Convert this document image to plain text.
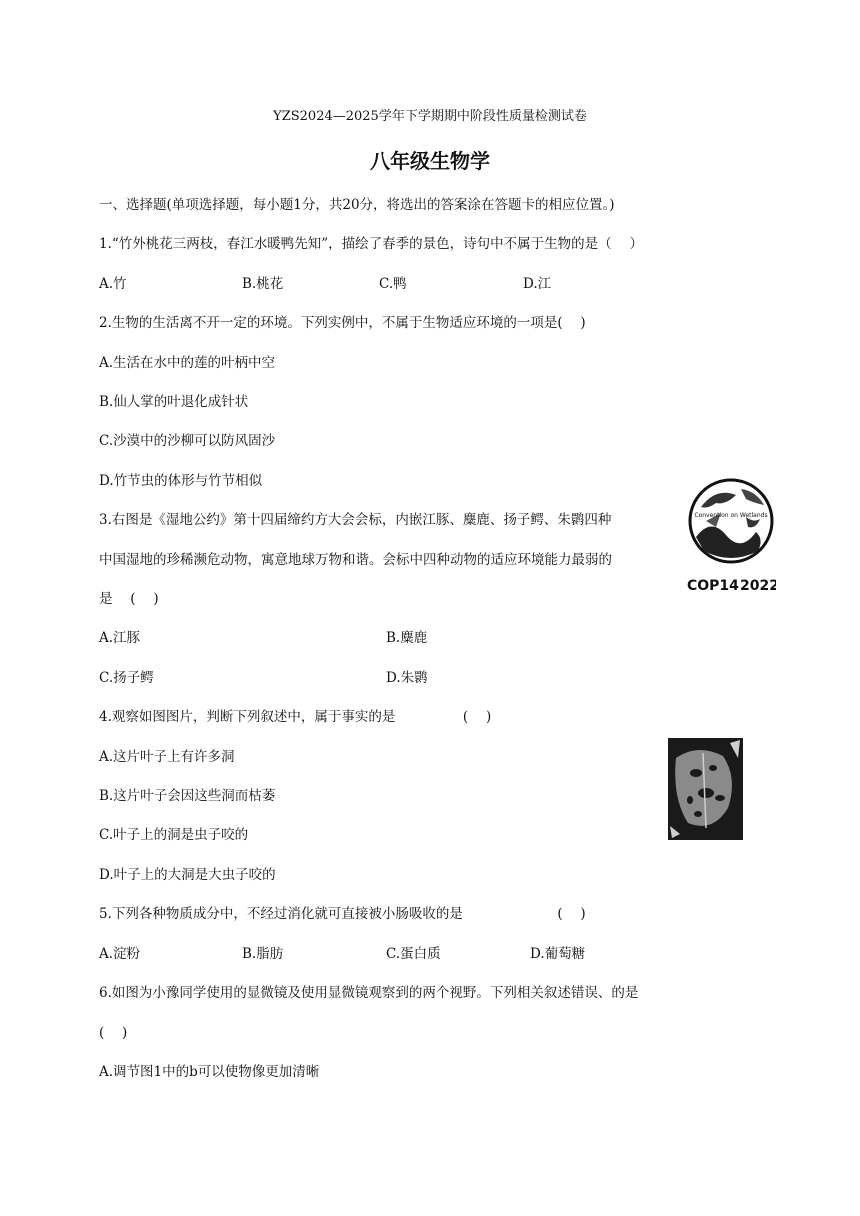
YZS2024—2025学年下学期期中阶段性质量检测试卷
八年级生物学
一、选择题(单项选择题，每小题1分，共20分，将选出的答案涂在答题卡的相应位置。)
1.“竹外桃花三两枝，春江水暖鸭先知”，描绘了春季的景色，诗句中不属于生物的是（　 ）
A.竹	B.桃花	C.鸭	D.江
2.生物的生活离不开一定的环境。下列实例中，不属于生物适应环境的一项是(　 )
A.生活在水中的莲的叶柄中空
B.仙人掌的叶退化成针状
C.沙漠中的沙柳可以防风固沙
D.竹节虫的体形与竹节相似
3.右图是《湿地公约》第十四届缔约方大会会标，内嵌江豚、麋鹿、扬子鳄、朱鹮四种
中国湿地的珍稀濒危动物，寓意地球万物和谐。会标中四种动物的适应环境能力最弱的
是　 (　 )
A.江豚	B.麋鹿
C.扬子鳄	D.朱鹮
Convention on Wetlands
COP14 2022
4.观察如图图片，判断下列叙述中，属于事实的是　　　　　(　 )
A.这片叶子上有许多洞
B.这片叶子会因这些洞而枯萎
C.叶子上的洞是虫子咬的
D.叶子上的大洞是大虫子咬的
5.下列各种物质成分中，不经过消化就可直接被小肠吸收的是　　　　　　　(　 )
A.淀粉	B.脂肪	C.蛋白质	D.葡萄糖
6.如图为小豫同学使用的显微镜及使用显微镜观察到的两个视野。下列相关叙述错误、的是
(　 )
A.调节图1中的b可以使物像更加清晰
